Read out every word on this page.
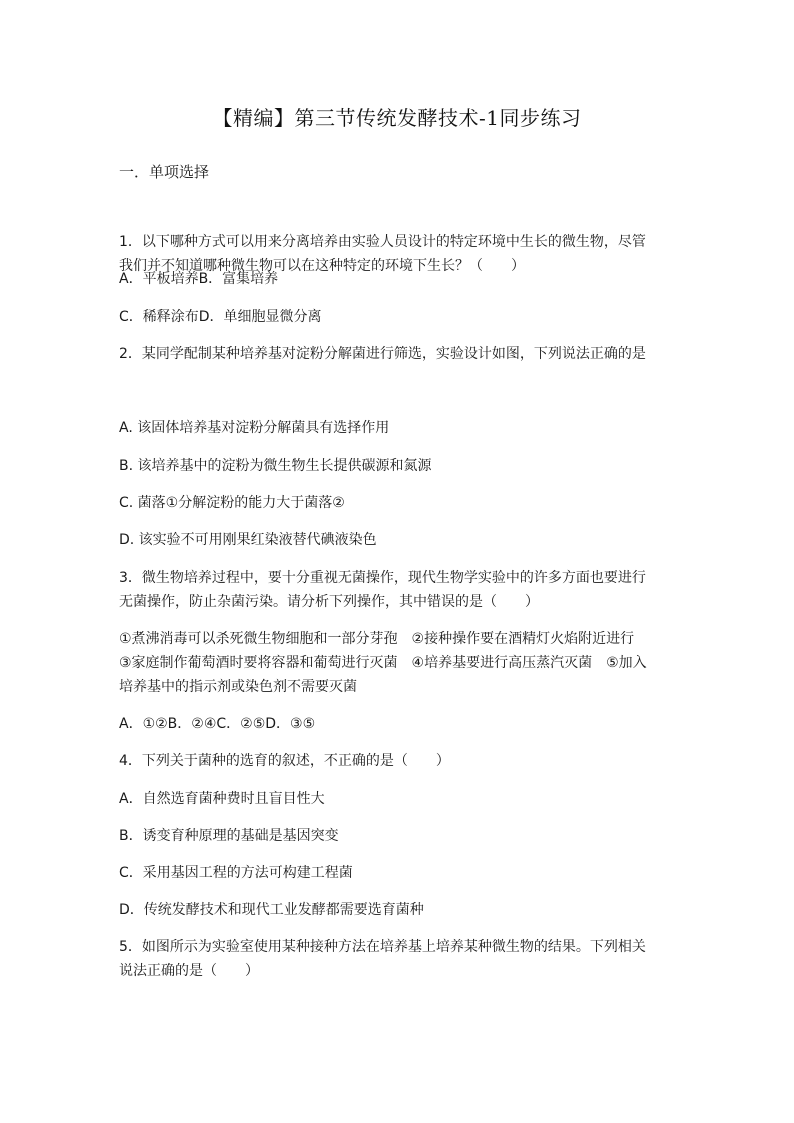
【精编】第三节传统发酵技术-1同步练习
一．单项选择
1．以下哪种方式可以用来分离培养由实验人员设计的特定环境中生长的微生物，尽管
我们并不知道哪种微生物可以在这种特定的环境下生长？（　　）
A．平板培养B．富集培养
C．稀释涂布D．单细胞显微分离
2．某同学配制某种培养基对淀粉分解菌进行筛选，实验设计如图，下列说法正确的是
A. 该固体培养基对淀粉分解菌具有选择作用
B. 该培养基中的淀粉为微生物生长提供碳源和氮源
C. 菌落①分解淀粉的能力大于菌落②
D. 该实验不可用刚果红染液替代碘液染色
3．微生物培养过程中，要十分重视无菌操作，现代生物学实验中的许多方面也要进行
无菌操作，防止杂菌污染。请分析下列操作，其中错误的是（　　）
①煮沸消毒可以杀死微生物细胞和一部分芽孢　②接种操作要在酒精灯火焰附近进行
③家庭制作葡萄酒时要将容器和葡萄进行灭菌　④培养基要进行高压蒸汽灭菌　⑤加入
培养基中的指示剂或染色剂不需要灭菌
A．①②B．②④C．②⑤D．③⑤
4．下列关于菌种的选育的叙述，不正确的是（　　）
A．自然选育菌种费时且盲目性大
B．诱变育种原理的基础是基因突变
C．采用基因工程的方法可构建工程菌
D．传统发酵技术和现代工业发酵都需要选育菌种
5．如图所示为实验室使用某种接种方法在培养基上培养某种微生物的结果。下列相关
说法正确的是（　　）
